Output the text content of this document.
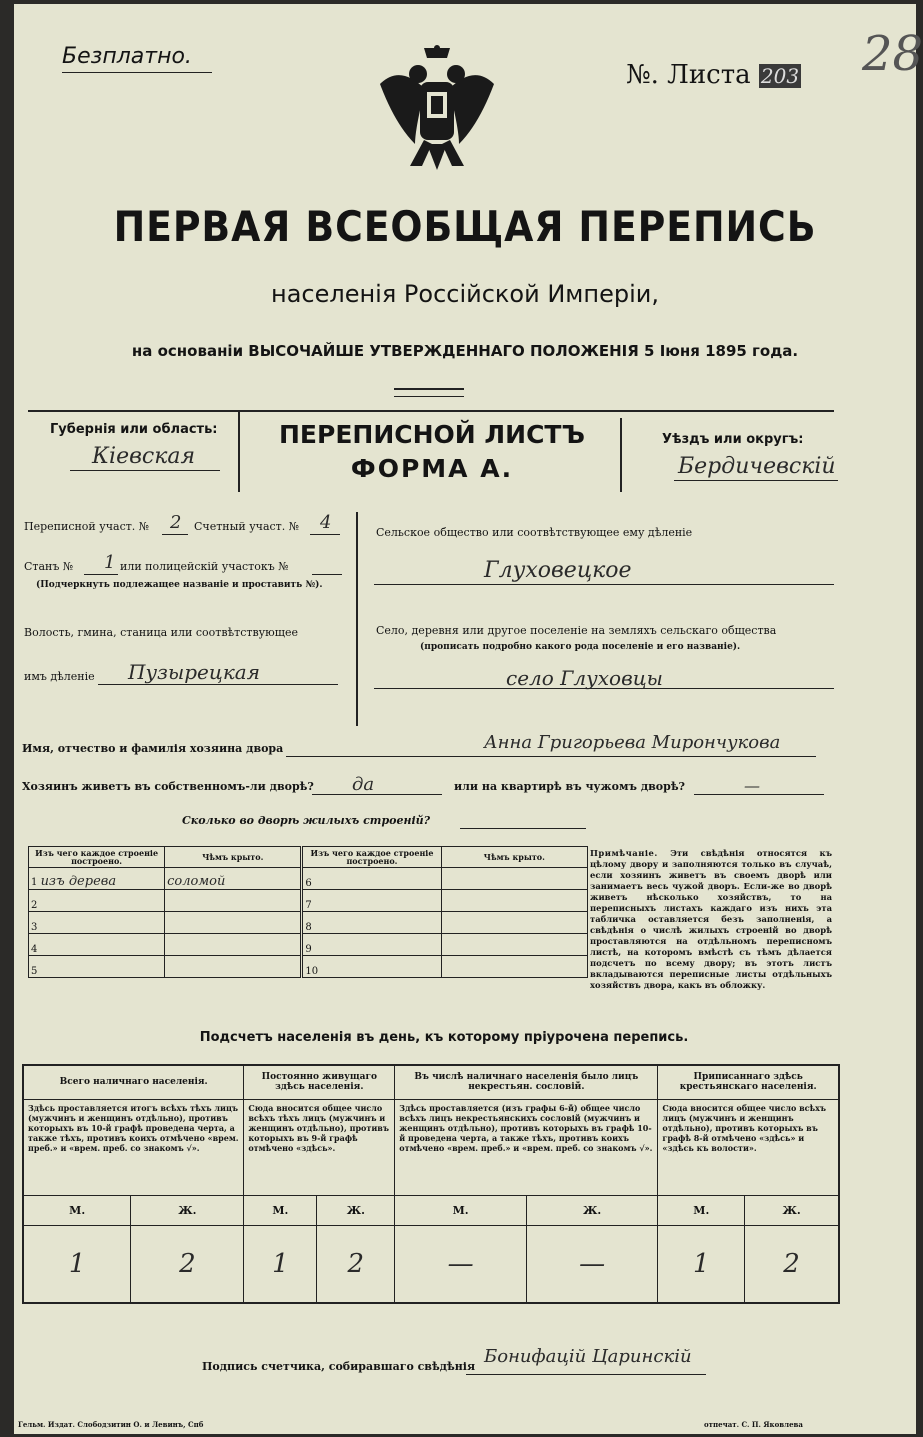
Безплатно.
№. Листа 203 28
ПЕРВАЯ ВСЕОБЩАЯ ПЕРЕПИСЬ
населенія Россійской Имперіи,
на основаніи ВЫСОЧАЙШЕ УТВЕРЖДЕННАГО ПОЛОЖЕНІЯ 5 Іюня 1895 года.
Губернія или область:
Кіевская
ПЕРЕПИСНОЙ ЛИСТЪ
ФОРМА А.
Уѣздъ или округъ:
Бердичевскій
Переписной участ. № 2 Счетный участ. № 4
Станъ № 1 или полицейскій участокъ №
(Подчеркнуть подлежащее названіе и проставить №).
Волость, гмина, станица или соотвѣтствующее
имъ дѣленіе Пузырецкая
Сельское общество или соотвѣтствующее ему дѣленіе
Глуховецкое
Село, деревня или другое поселеніе на земляхъ сельскаго общества
(прописать подробно какого рода поселеніе и его названіе).
село Глуховцы
Имя, отчество и фамилія хозяина двора	Анна Григорьева Мирончукова
Хозяинъ живетъ въ собственномъ-ли дворѣ? да	или на квартирѣ въ чужомъ дворѣ?	—
Сколько во дворѣ жилыхъ строеній?
Изъ чего каждое строеніе построено.	Чѣмъ крыто.	Изъ чего каждое строеніе построено.	Чѣмъ крыто.
1 изъ дерева	соломой	6	
2		7	
3		8	
4		9	
5		10	
Примѣчаніе. Эти свѣдѣнія относятся къ цѣлому двору и заполняются только въ случаѣ, если хозяинъ живетъ въ своемъ дворѣ или занимаетъ весь чужой дворъ. Если-же во дворѣ живетъ нѣсколько хозяйствъ, то на переписныхъ листахъ каждаго изъ нихъ эта табличка оставляется безъ заполненія, а свѣдѣнія о числѣ жилыхъ строеній во дворѣ проставляются на отдѣльномъ переписномъ листѣ, на которомъ вмѣстѣ съ тѣмъ дѣлается подсчетъ по всему двору; въ этотъ листъ вкладываются переписные листы отдѣльныхъ хозяйствъ двора, какъ въ обложку.
Подсчетъ населенія въ день, къ которому пріурочена перепись.
Всего наличнаго населенія.		Постоянно живущаго здѣсь населенія.		Въ числѣ наличнаго населенія было лицъ некрестьян. сословій.		Приписаннаго здѣсь крестьянскаго населенія.	
Здѣсь проставляется итогъ всѣхъ тѣхъ лицъ (мужчинъ и женщинъ отдѣльно), противъ которыхъ въ 10-й графѣ проведена черта, а также тѣхъ, противъ коихъ отмѣчено «врем. преб.» и «врем. преб. со знакомъ √».		Сюда вносится общее число всѣхъ тѣхъ лицъ (мужчинъ и женщинъ отдѣльно), противъ которыхъ въ 9-й графѣ отмѣчено «здѣсь».		Здѣсь проставляется (изъ графы 6-й) общее число всѣхъ лицъ некрестьянскихъ сословій (мужчинъ и женщинъ отдѣльно), противъ которыхъ въ графѣ 10-й проведена черта, а также тѣхъ, противъ коихъ отмѣчено «врем. преб.» и «врем. преб. со знакомъ √».		Сюда вносится общее число всѣхъ лицъ (мужчинъ и женщинъ отдѣльно), противъ которыхъ въ графѣ 8-й отмѣчено «здѣсь» и «здѣсь къ волости».	
М.	Ж.	М.	Ж.	М.	Ж.	М.	Ж.
1	2	1	2	—	—	1	2
Подпись счетчика, собиравшаго свѣдѣнія Бонифацій Царинскій
Гельм. Издат. Слободзитин О. и Левинъ, Спб	отпечат. С. П. Яковлева
